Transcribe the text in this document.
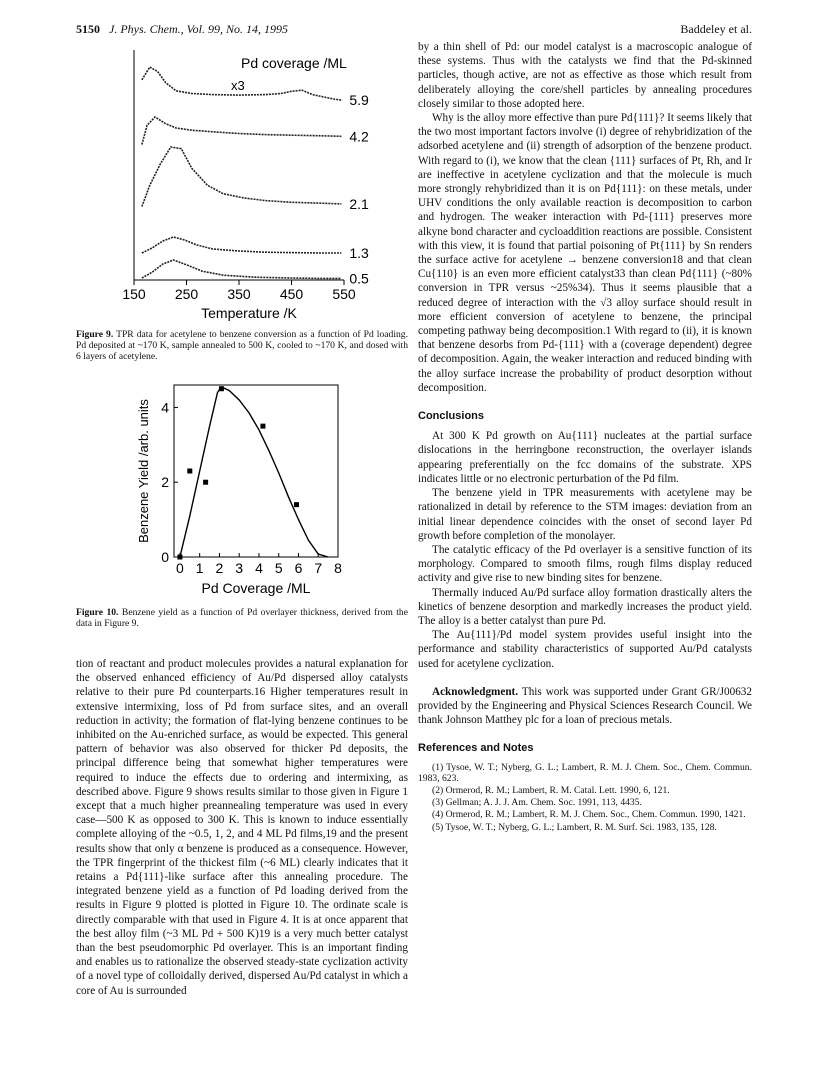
5150 J. Phys. Chem., Vol. 99, No. 14, 1995	Baddeley et al.
150 250 350 450 550
Temperature /K
Pd coverage /ML
x3
5.9
4.2
2.1
1.3
0.5
Figure 9. TPR data for acetylene to benzene conversion as a function of Pd loading. Pd deposited at ~170 K, sample annealed to 500 K, cooled to ~170 K, and dosed with 6 layers of acetylene.
0 1 2 3 4 5 6 7 8
0
2
4
Pd Coverage /ML
Benzene Yield /arb. units
Figure 10. Benzene yield as a function of Pd overlayer thickness, derived from the data in Figure 9.

tion of reactant and product molecules provides a natural explanation for the observed enhanced efficiency of Au/Pd dispersed alloy catalysts relative to their pure Pd counterparts.16 Higher temperatures result in extensive intermixing, loss of Pd from surface sites, and an overall reduction in activity; the formation of flat-lying benzene continues to be inhibited on the Au-enriched surface, as would be expected. This general pattern of behavior was also observed for thicker Pd deposits, the principal difference being that somewhat higher temperatures were required to induce the effects due to ordering and intermixing, as described above. Figure 9 shows results similar to those given in Figure 1 except that a much higher preannealing temperature was used in every case—500 K as opposed to 300 K. This is known to induce essentially complete alloying of the ~0.5, 1, 2, and 4 ML Pd films,19 and the present results show that only α benzene is produced as a consequence. However, the TPR fingerprint of the thickest film (~6 ML) clearly indicates that it retains a Pd{111}-like surface after this annealing procedure. The integrated benzene yield as a function of Pd loading derived from the results in Figure 9 plotted is plotted in Figure 10. The ordinate scale is directly comparable with that used in Figure 4. It is at once apparent that the best alloy film (~3 ML Pd + 500 K)19 is a very much better catalyst than the best pseudomorphic Pd overlayer. This is an important finding and enables us to rationalize the observed steady-state cyclization activity of a novel type of colloidally derived, dispersed Au/Pd catalyst in which a core of Au is surrounded

by a thin shell of Pd: our model catalyst is a macroscopic analogue of these systems. Thus with the catalysts we find that the Pd-skinned particles, though active, are not as effective as those which result from deliberately alloying the core/shell particles by annealing procedures closely similar to those adopted here.

Why is the alloy more effective than pure Pd{111}? It seems likely that the two most important factors involve (i) degree of rehybridization of the adsorbed acetylene and (ii) strength of adsorption of the benzene product. With regard to (i), we know that the clean {111} surfaces of Pt, Rh, and Ir are ineffective in acetylene cyclization and that the molecule is much more strongly rehybridized than it is on Pd{111}: on these metals, under UHV conditions the only available reaction is decomposition to carbon and hydrogen. The weaker interaction with Pd-{111} preserves more alkyne bond character and cycloaddition reactions are possible. Consistent with this view, it is found that partial poisoning of Pt{111} by Sn renders the surface active for acetylene → benzene conversion18 and that clean Cu{110} is an even more efficient catalyst33 than clean Pd{111} (~80% conversion in TPR versus ~25%34). Thus it seems plausible that a reduced degree of interaction with the √3 alloy surface should result in more efficient conversion of acetylene to benzene, the principal competing pathway being decomposition.1 With regard to (ii), it is known that benzene desorbs from Pd-{111} with a (coverage dependent) degree of decomposition. Again, the weaker interaction and reduced binding with the alloy surface increase the probability of product desorption without decomposition.

Conclusions

At 300 K Pd growth on Au{111} nucleates at the partial surface dislocations in the herringbone reconstruction, the overlayer islands appearing preferentially on the fcc domains of the substrate. XPS indicates little or no electronic perturbation of the Pd film.

The benzene yield in TPR measurements with acetylene may be rationalized in detail by reference to the STM images: deviation from an initial linear dependence coincides with the onset of second layer Pd growth before completion of the monolayer.

The catalytic efficacy of the Pd overlayer is a sensitive function of its morphology. Compared to smooth films, rough films display reduced activity and give rise to new binding sites for benzene.

Thermally induced Au/Pd surface alloy formation drastically alters the kinetics of benzene desorption and markedly increases the product yield. The alloy is a better catalyst than pure Pd.

The Au{111}/Pd model system provides useful insight into the performance and stability characteristics of supported Au/Pd catalysts used for acetylene cyclization.

Acknowledgment. This work was supported under Grant GR/J00632 provided by the Engineering and Physical Sciences Research Council. We thank Johnson Matthey plc for a loan of precious metals.

References and Notes
(1) Tysoe, W. T.; Nyberg, G. L.; Lambert, R. M. J. Chem. Soc., Chem. Commun. 1983, 623.
(2) Ormerod, R. M.; Lambert, R. M. Catal. Lett. 1990, 6, 121.
(3) Gellman; A. J. J. Am. Chem. Soc. 1991, 113, 4435.
(4) Ormerod, R. M.; Lambert, R. M. J. Chem. Soc., Chem. Commun. 1990, 1421.
(5) Tysoe, W. T.; Nyberg, G. L.; Lambert, R. M. Surf. Sci. 1983, 135, 128.
